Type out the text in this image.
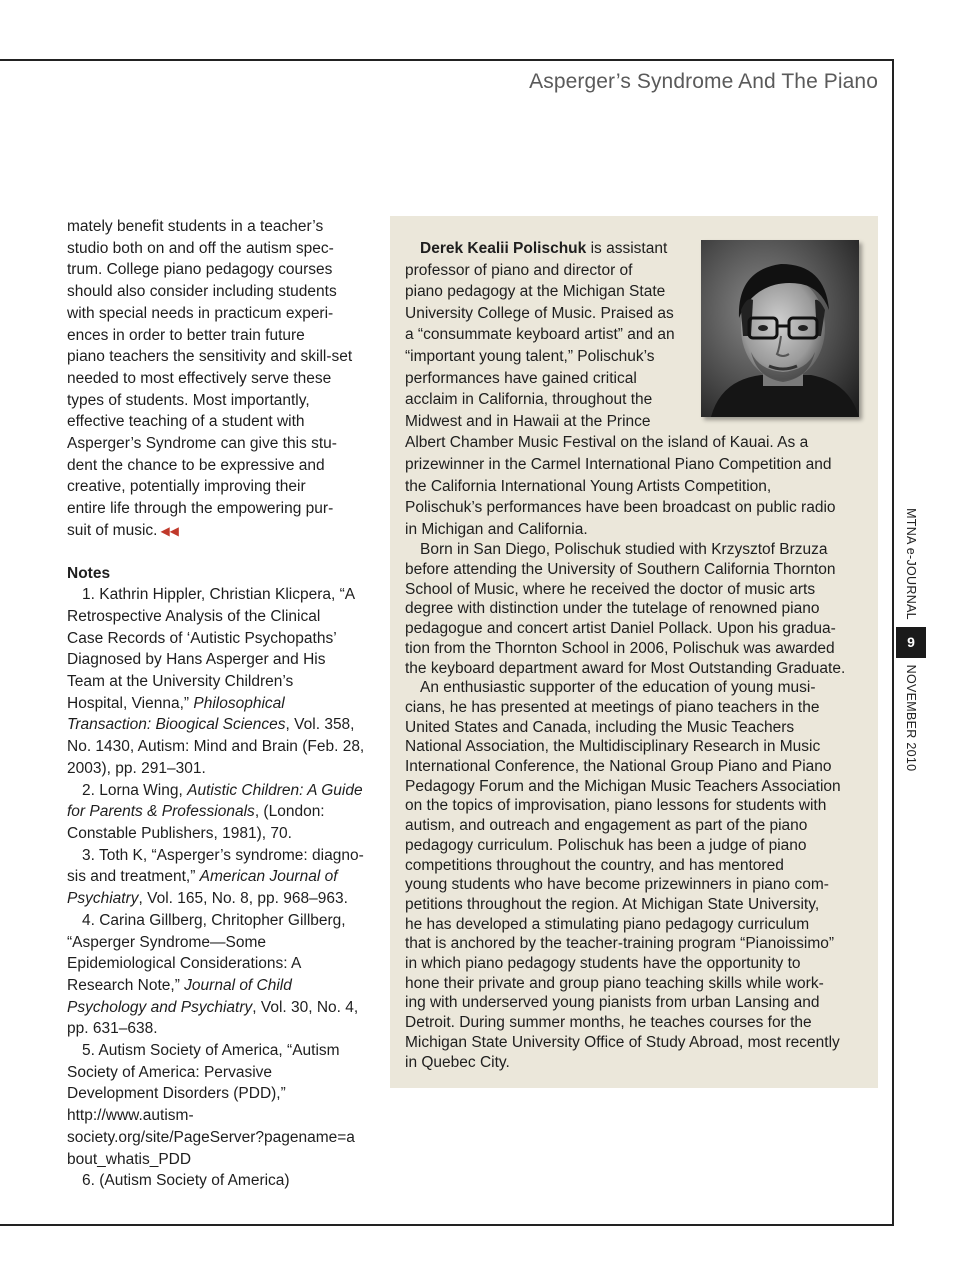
Asperger’s Syndrome And The Piano
mately benefit students in a teacher’s
studio both on and off the autism spec-
trum. College piano pedagogy courses
should also consider including students
with special needs in practicum experi-
ences in order to better train future
piano teachers the sensitivity and skill-set
needed to most effectively serve these
types of students. Most importantly,
effective teaching of a student with
Asperger’s Syndrome can give this stu-
dent the chance to be expressive and
creative, potentially improving their
entire life through the empowering pur-
suit of music. ◀◀
Notes
1. Kathrin Hippler, Christian Klicpera, “A
Retrospective Analysis of the Clinical
Case Records of ‘Autistic Psychopaths’
Diagnosed by Hans Asperger and His
Team at the University Children’s
Hospital, Vienna,” Philosophical
Transaction: Bioogical Sciences, Vol. 358,
No. 1430, Autism: Mind and Brain (Feb. 28,
2003), pp. 291–301.
2. Lorna Wing, Autistic Children: A Guide
for Parents & Professionals, (London:
Constable Publishers, 1981), 70.
3. Toth K, “Asperger’s syndrome: diagno-
sis and treatment,” American Journal of
Psychiatry, Vol. 165, No. 8, pp. 968–963.
4. Carina Gillberg, Chritopher Gillberg,
“Asperger Syndrome—Some
Epidemiological Considerations: A
Research Note,” Journal of Child
Psychology and Psychiatry, Vol. 30, No. 4,
pp. 631–638.
5. Autism Society of America, “Autism
Society of America: Pervasive
Development Disorders (PDD),”
http://www.autism-
society.org/site/PageServer?pagename=a
bout_whatis_PDD
6. (Autism Society of America)
Derek Kealii Polischuk is assistant
professor of piano and director of
piano pedagogy at the Michigan State
University College of Music. Praised as
a “consummate keyboard artist” and an
“important young talent,” Polischuk’s
performances have gained critical
acclaim in California, throughout the
Midwest and in Hawaii at the Prince
Albert Chamber Music Festival on the island of Kauai. As a
prizewinner in the Carmel International Piano Competition and
the California International Young Artists Competition,
Polischuk’s performances have been broadcast on public radio
in Michigan and California.
Born in San Diego, Polischuk studied with Krzysztof Brzuza
before attending the University of Southern California Thornton
School of Music, where he received the doctor of music arts
degree with distinction under the tutelage of renowned piano
pedagogue and concert artist Daniel Pollack. Upon his gradua-
tion from the Thornton School in 2006, Polischuk was awarded
the keyboard department award for Most Outstanding Graduate.
An enthusiastic supporter of the education of young musi-
cians, he has presented at meetings of piano teachers in the
United States and Canada, including the Music Teachers
National Association, the Multidisciplinary Research in Music
International Conference, the National Group Piano and Piano
Pedagogy Forum and the Michigan Music Teachers Association
on the topics of improvisation, piano lessons for students with
autism, and outreach and engagement as part of the piano
pedagogy curriculum. Polischuk has been a judge of piano
competitions throughout the country, and has mentored
young students who have become prizewinners in piano com-
petitions throughout the region. At Michigan State University,
he has developed a stimulating piano pedagogy curriculum
that is anchored by the teacher-training program “Pianoissimo”
in which piano pedagogy students have the opportunity to
hone their private and group piano teaching skills while work-
ing with underserved young pianists from urban Lansing and
Detroit. During summer months, he teaches courses for the
Michigan State University Office of Study Abroad, most recently
in Quebec City.
MTNA e-JOURNAL
NOVEMBER 2010
9
